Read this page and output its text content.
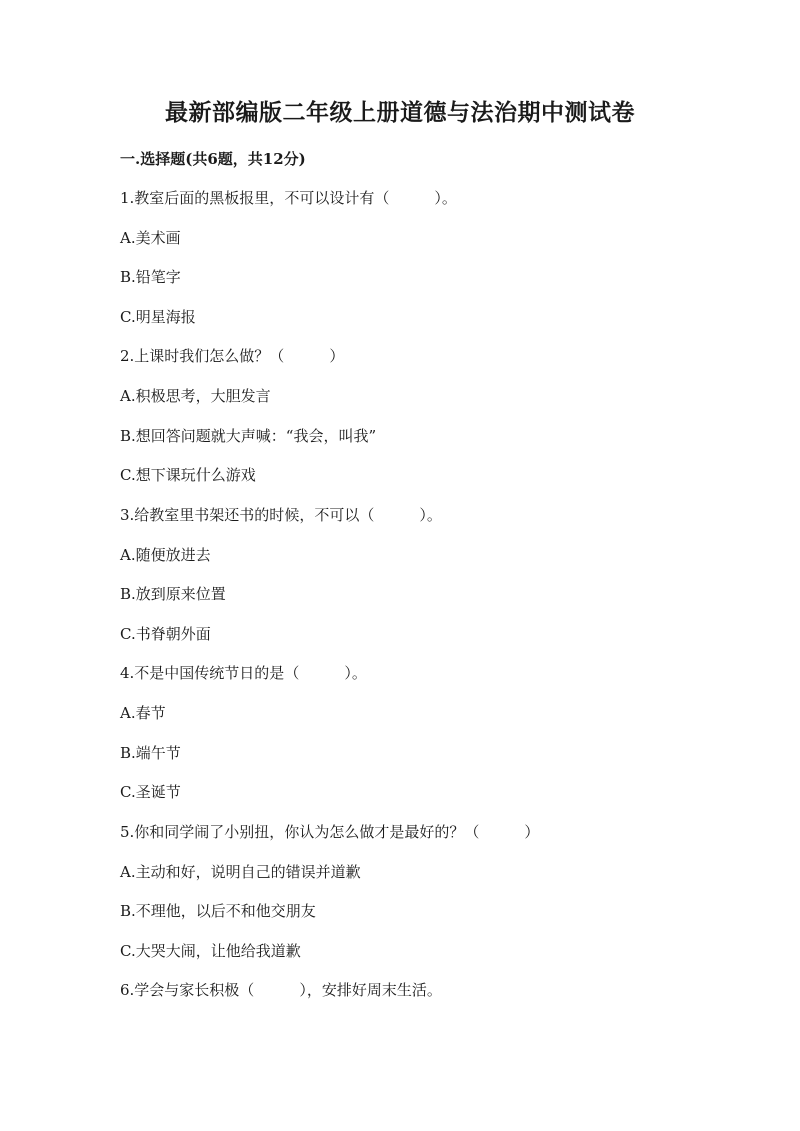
最新部编版二年级上册道德与法治期中测试卷
一.选择题(共6题，共12分)
1.教室后面的黑板报里，不可以设计有（　　　）。
A.美术画
B.铅笔字
C.明星海报
2.上课时我们怎么做？（　　　）
A.积极思考，大胆发言
B.想回答问题就大声喊：“我会，叫我”
C.想下课玩什么游戏
3.给教室里书架还书的时候，不可以（　　　）。
A.随便放进去
B.放到原来位置
C.书脊朝外面
4.不是中国传统节日的是（　　　）。
A.春节
B.端午节
C.圣诞节
5.你和同学闹了小别扭，你认为怎么做才是最好的？（　　　）
A.主动和好，说明自己的错误并道歉
B.不理他，以后不和他交朋友
C.大哭大闹，让他给我道歉
6.学会与家长积极（　　　），安排好周末生活。
